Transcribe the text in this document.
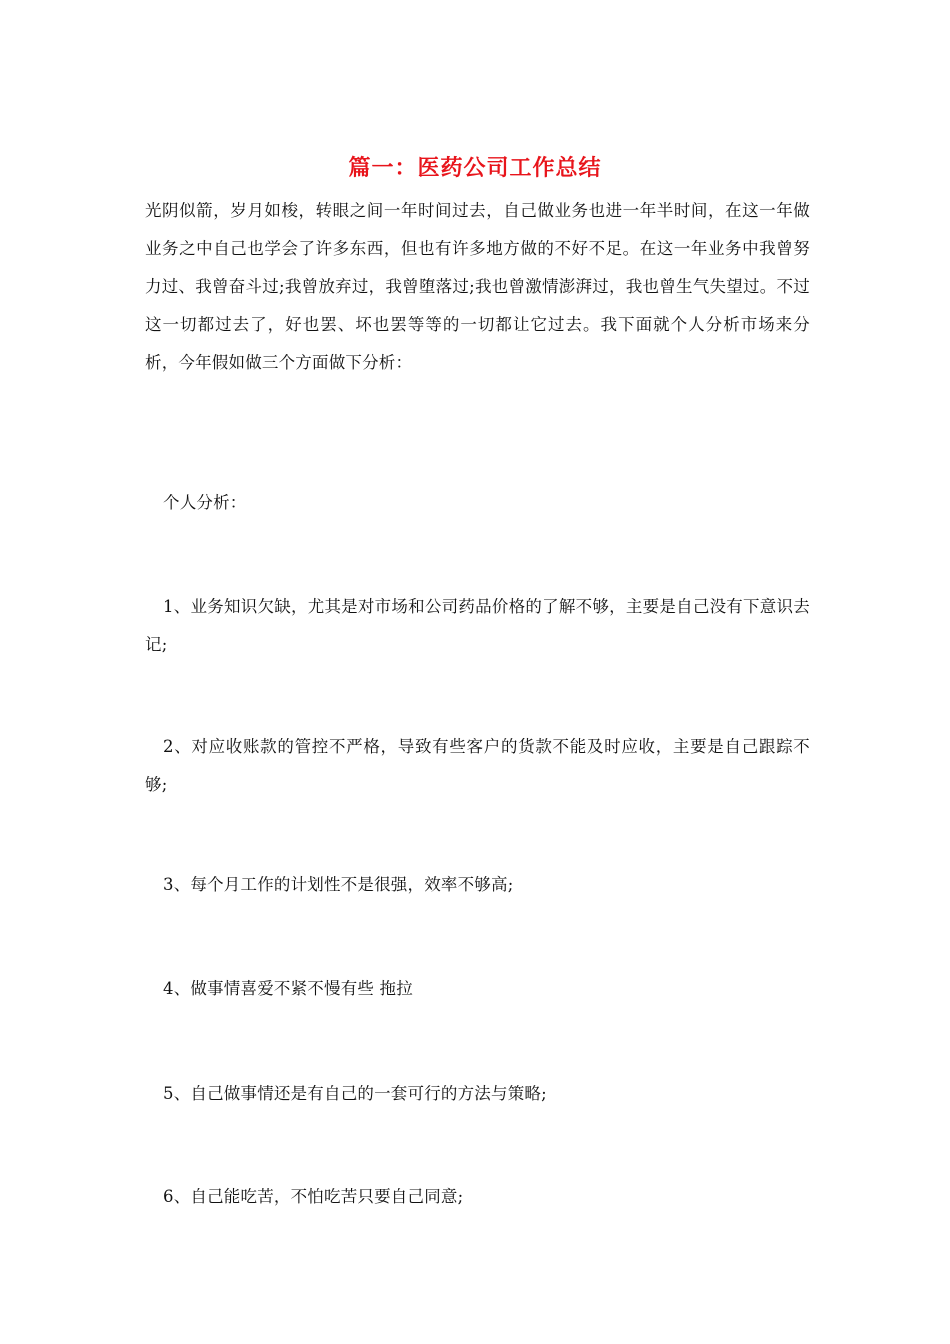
篇一：医药公司工作总结
光阴似箭，岁月如梭，转眼之间一年时间过去，自己做业务也进一年半时间，在这一年做业务之中自己也学会了许多东西，但也有许多地方做的不好不足。在这一年业务中我曾努力过、我曾奋斗过;我曾放弃过，我曾堕落过;我也曾激情澎湃过，我也曾生气失望过。不过这一切都过去了，好也罢、坏也罢等等的一切都让它过去。我下面就个人分析市场来分析，今年假如做三个方面做下分析：
个人分析：
1、业务知识欠缺，尤其是对市场和公司药品价格的了解不够，主要是自己没有下意识去记;
2、对应收账款的管控不严格，导致有些客户的货款不能及时应收，主要是自己跟踪不够;
3、每个月工作的计划性不是很强，效率不够高;
4、做事情喜爱不紧不慢有些 拖拉
5、自己做事情还是有自己的一套可行的方法与策略;
6、自己能吃苦，不怕吃苦只要自己同意;
